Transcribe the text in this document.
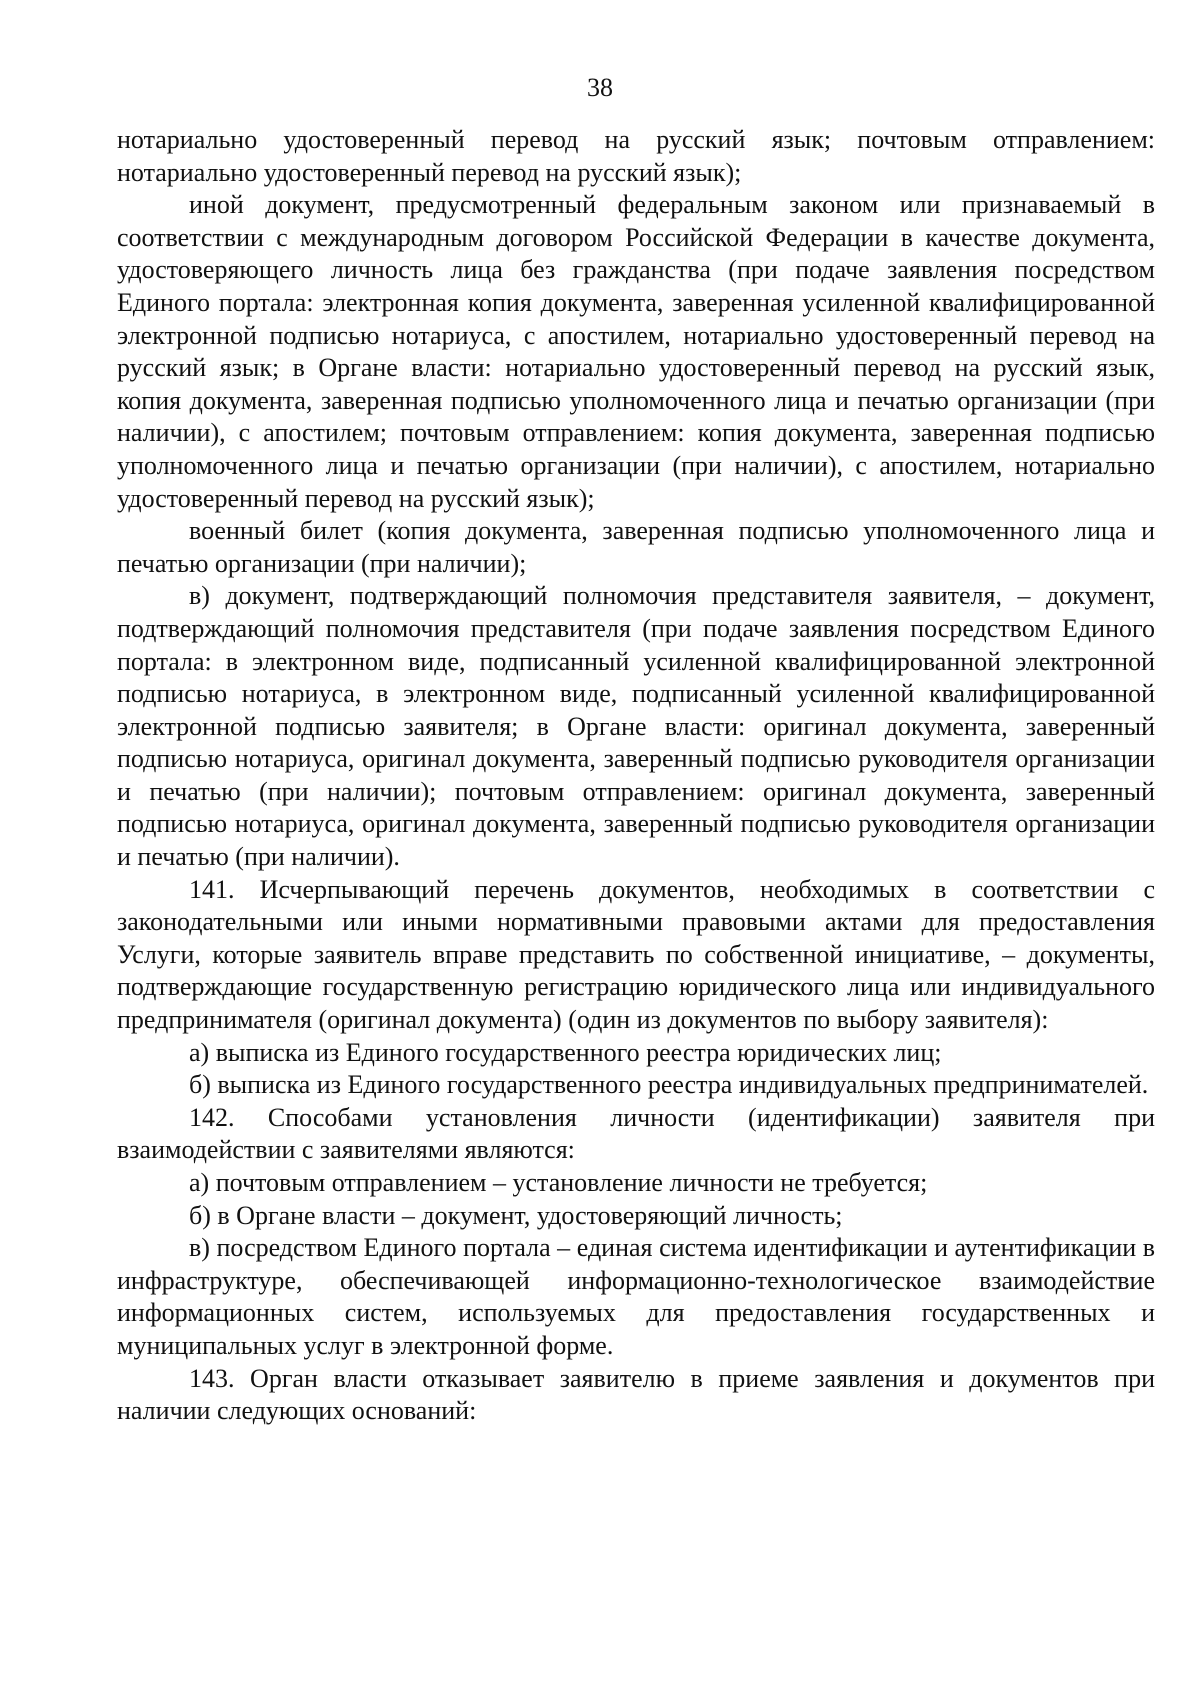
38

нотариально удостоверенный перевод на русский язык; почтовым отправлением: нотариально удостоверенный перевод на русский язык);

иной документ, предусмотренный федеральным законом или признаваемый в соответствии с международным договором Российской Федерации в качестве документа, удостоверяющего личность лица без гражданства (при подаче заявления посредством Единого портала: электронная копия документа, заверенная усиленной квалифицированной электронной подписью нотариуса, с апостилем, нотариально удостоверенный перевод на русский язык; в Органе власти: нотариально удостоверенный перевод на русский язык, копия документа, заверенная подписью уполномоченного лица и печатью организации (при наличии), с апостилем; почтовым отправлением: копия документа, заверенная подписью уполномоченного лица и печатью организации (при наличии), с апостилем, нотариально удостоверенный перевод на русский язык);

военный билет (копия документа, заверенная подписью уполномоченного лица и печатью организации (при наличии);

в) документ, подтверждающий полномочия представителя заявителя, – документ, подтверждающий полномочия представителя (при подаче заявления посредством Единого портала: в электронном виде, подписанный усиленной квалифицированной электронной подписью нотариуса, в электронном виде, подписанный усиленной квалифицированной электронной подписью заявителя; в Органе власти: оригинал документа, заверенный подписью нотариуса, оригинал документа, заверенный подписью руководителя организации и печатью (при наличии); почтовым отправлением: оригинал документа, заверенный подписью нотариуса, оригинал документа, заверенный подписью руководителя организации и печатью (при наличии).

141. Исчерпывающий перечень документов, необходимых в соответствии с законодательными или иными нормативными правовыми актами для предоставления Услуги, которые заявитель вправе представить по собственной инициативе, – документы, подтверждающие государственную регистрацию юридического лица или индивидуального предпринимателя (оригинал документа) (один из документов по выбору заявителя):

а) выписка из Единого государственного реестра юридических лиц;

б) выписка из Единого государственного реестра индивидуальных предпринимателей.

142. Способами установления личности (идентификации) заявителя при взаимодействии с заявителями являются:

а) почтовым отправлением – установление личности не требуется;

б) в Органе власти – документ, удостоверяющий личность;

в) посредством Единого портала – единая система идентификации и аутентификации в инфраструктуре, обеспечивающей информационно-технологическое взаимодействие информационных систем, используемых для предоставления государственных и муниципальных услуг в электронной форме.

143. Орган власти отказывает заявителю в приеме заявления и документов при наличии следующих оснований:
